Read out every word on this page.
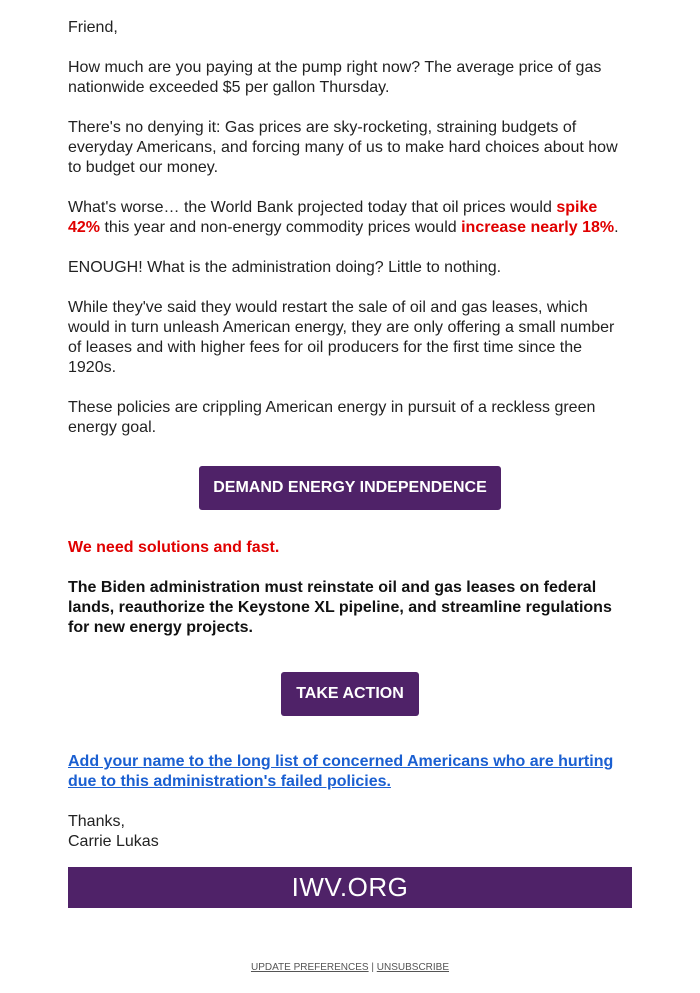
Friend,

How much are you paying at the pump right now? The average price of gas nationwide exceeded $5 per gallon Thursday.

There's no denying it: Gas prices are sky-rocketing, straining budgets of everyday Americans, and forcing many of us to make hard choices about how to budget our money.

What's worse… the World Bank projected today that oil prices would spike 42% this year and non-energy commodity prices would increase nearly 18%.

ENOUGH! What is the administration doing? Little to nothing.

While they've said they would restart the sale of oil and gas leases, which would in turn unleash American energy, they are only offering a small number of leases and with higher fees for oil producers for the first time since the 1920s.

These policies are crippling American energy in pursuit of a reckless green energy goal.

DEMAND ENERGY INDEPENDENCE

We need solutions and fast.

The Biden administration must reinstate oil and gas leases on federal lands, reauthorize the Keystone XL pipeline, and streamline regulations for new energy projects.

TAKE ACTION

Add your name to the long list of concerned Americans who are hurting due to this administration's failed policies.

Thanks,

Carrie Lukas

IWV.ORG
UPDATE PREFERENCES | UNSUBSCRIBE
